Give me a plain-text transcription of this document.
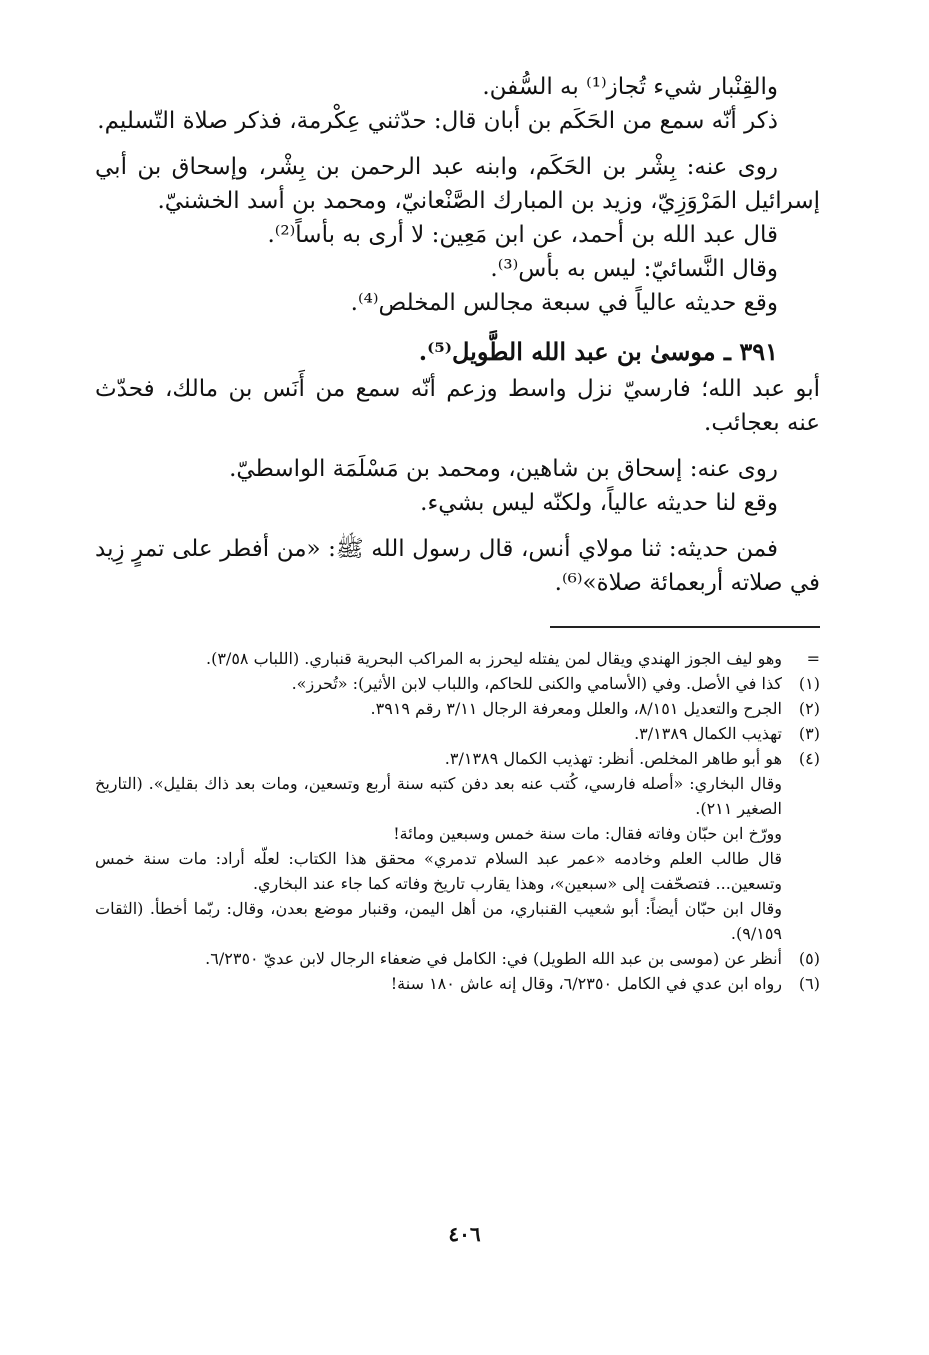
والقِنْبار شيء تُجاز⁽¹⁾ به السُّفن.

ذكر أنّه سمع من الحَكَم بن أبان قال: حدّثني عِكْرمة، فذكر صلاة التّسليم.

روى عنه: بِشْر بن الحَكَم، وابنه عبد الرحمن بن بِشْر، وإسحاق بن أبي إسرائيل المَرْوَزِيّ، وزيد بن المبارك الصَّنْعانيّ، ومحمد بن أسد الخشنيّ.

قال عبد الله بن أحمد، عن ابن مَعِين: لا أرى به بأساً⁽²⁾.

وقال النَّسائيّ: ليس به بأس⁽³⁾.

وقع حديثه عالياً في سبعة مجالس المخلص⁽⁴⁾.

٣٩١ ـ موسىٰ بن عبد الله الطَّويل⁽⁵⁾.

أبو عبد الله؛ فارسيّ نزل واسط وزعم أنّه سمع من أَنَس بن مالك، فحدّث عنه بعجائب.

روى عنه: إسحاق بن شاهين، ومحمد بن مَسْلَمَة الواسطيّ.

وقع لنا حديثه عالياً، ولكنّه ليس بشيء.

فمن حديثه: ثنا مولاي أنس، قال رسول الله ﷺ: «من أفطر على تمرٍ زِيد في صلاته أربعمائة صلاة»⁽⁶⁾.

=
وهو ليف الجوز الهندي ويقال لمن يفتله ليحرز به المراكب البحرية قنباري. (اللباب ٣/٥٨).
(١)
كذا في الأصل. وفي (الأسامي والكنى للحاكم، واللباب لابن الأثير): «تُحرز».
(٢)
الجرح والتعديل ٨/١٥١، والعلل ومعرفة الرجال ٣/١١ رقم ٣٩١٩.
(٣)
تهذيب الكمال ٣/١٣٨٩.
(٤)
هو أبو طاهر المخلص. أنظر: تهذيب الكمال ٣/١٣٨٩.
وقال البخاري: «أصله فارسي، كُتب عنه بعد دفن كتبه سنة أربع وتسعين، ومات بعد ذاك بقليل». (التاريخ الصغير ٢١١).
وورّخ ابن حبّان وفاته فقال: مات سنة خمس وسبعين ومائة!
قال طالب العلم وخادمه «عمر عبد السلام تدمري» محقق هذا الكتاب: لعلّه أراد: مات سنة خمس وتسعين... فتصحّفت إلى «سبعين»، وهذا يقارب تاريخ وفاته كما جاء عند البخاري.
وقال ابن حبّان أيضاً: أبو شعيب القنباري، من أهل اليمن، وقنبار موضع بعدن، وقال: ربّما أخطأ. (الثقات ٩/١٥٩).
(٥)
أنظر عن (موسى بن عبد الله الطويل) في: الكامل في ضعفاء الرجال لابن عديّ ٦/٢٣٥٠.
(٦)
رواه ابن عدي في الكامل ٦/٢٣٥٠، وقال إنه عاش ١٨٠ سنة!
٤٠٦
